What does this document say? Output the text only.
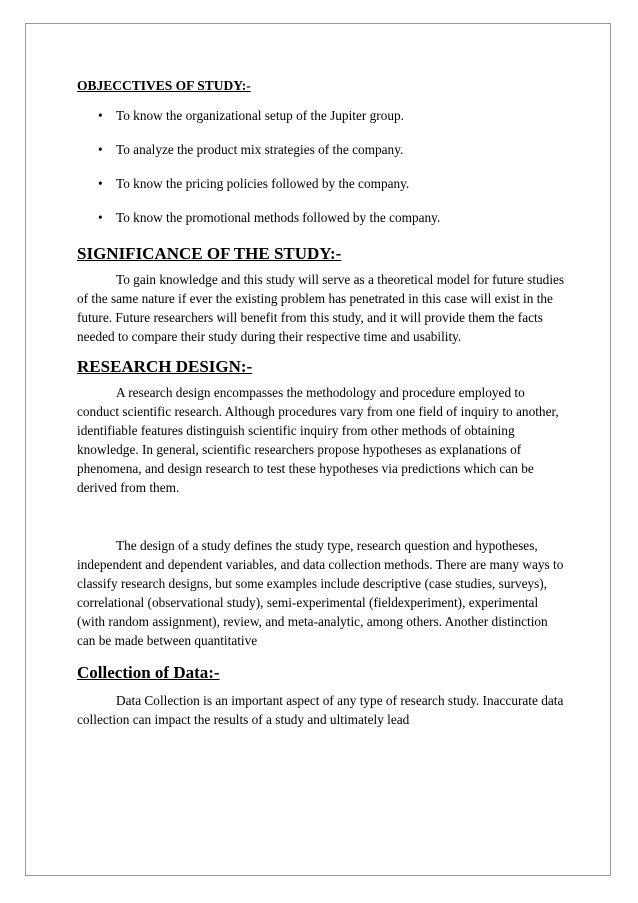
OBJECCTIVES OF STUDY:-
• To know the organizational setup of the Jupiter group.
• To analyze the product mix strategies of the company.
• To know the pricing policies followed by the company.
• To know the promotional methods followed by the company.
SIGNIFICANCE OF THE STUDY:-

To gain knowledge and this study will serve as a theoretical model for future studies of the same nature if ever the existing problem has penetrated in this case will exist in the future. Future researchers will benefit from this study, and it will provide them the facts needed to compare their study during their respective time and usability.

RESEARCH DESIGN:-

A research design encompasses the methodology and procedure employed to conduct scientific research. Although procedures vary from one field of inquiry to another, identifiable features distinguish scientific inquiry from other methods of obtaining knowledge. In general, scientific researchers propose hypotheses as explanations of phenomena, and design research to test these hypotheses via predictions which can be derived from them.

The design of a study defines the study type, research question and hypotheses, independent and dependent variables, and data collection methods. There are many ways to classify research designs, but some examples include descriptive (case studies, surveys), correlational (observational study), semi-experimental (fieldexperiment), experimental (with random assignment), review, and meta-analytic, among others. Another distinction can be made between quantitative

Collection of Data:-

Data Collection is an important aspect of any type of research study. Inaccurate data collection can impact the results of a study and ultimately lead
